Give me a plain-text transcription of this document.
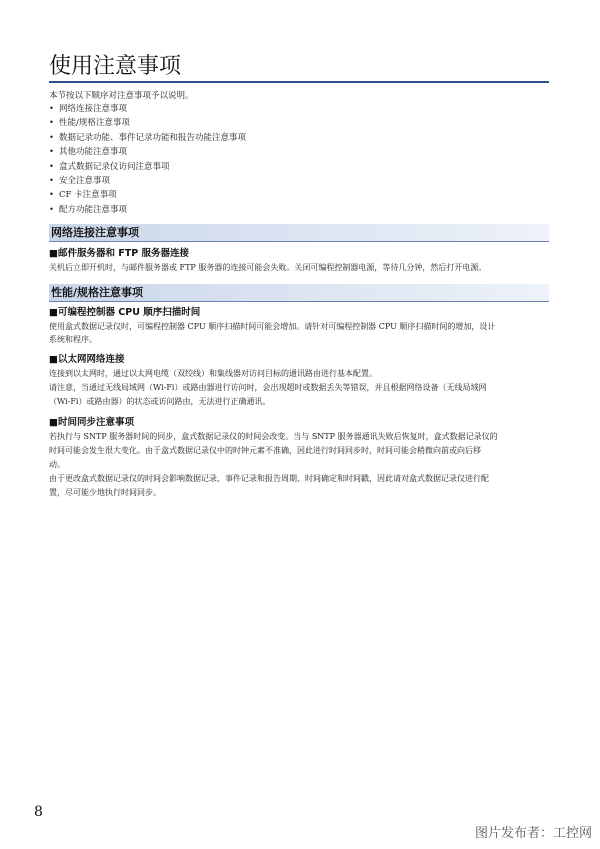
使用注意事项
本节按以下顺序对注意事项予以说明。
• 网络连接注意事项
• 性能/规格注意事项
• 数据记录功能、事件记录功能和报告功能注意事项
• 其他功能注意事项
• 盒式数据记录仪访问注意事项
• 安全注意事项
• CF 卡注意事项
• 配方功能注意事项
网络连接注意事项
■邮件服务器和 FTP 服务器连接
关机后立即开机时，与邮件服务器或 FTP 服务器的连接可能会失败。关闭可编程控制器电源，等待几分钟，然后打开电源。
性能/规格注意事项
■可编程控制器 CPU 顺序扫描时间
使用盒式数据记录仪时，可编程控制器 CPU 顺序扫描时间可能会增加。请针对可编程控制器 CPU 顺序扫描时间的增加，设计
系统和程序。
■以太网网络连接
连接到以太网时，通过以太网电缆（双绞线）和集线器对访问目标的通讯路由进行基本配置。
请注意，当通过无线局域网（Wi-Fi）或路由器进行访问时，会出现超时或数据丢失等错误，并且根据网络设备（无线局域网
（Wi-Fi）或路由器）的状态或访问路由，无法进行正确通讯。
■时间同步注意事项
若执行与 SNTP 服务器时间的同步，盒式数据记录仪的时间会改变。当与 SNTP 服务器通讯失败后恢复时，盒式数据记录仪的
时间可能会发生很大变化。由于盒式数据记录仪中的时钟元素不准确，因此进行时间同步时，时间可能会稍微向前或向后移
动。
由于更改盒式数据记录仪的时间会影响数据记录、事件记录和报告周期、时间确定和时间戳，因此请对盒式数据记录仪进行配
置，尽可能少地执行时间同步。
8
图片发布者：工控网
